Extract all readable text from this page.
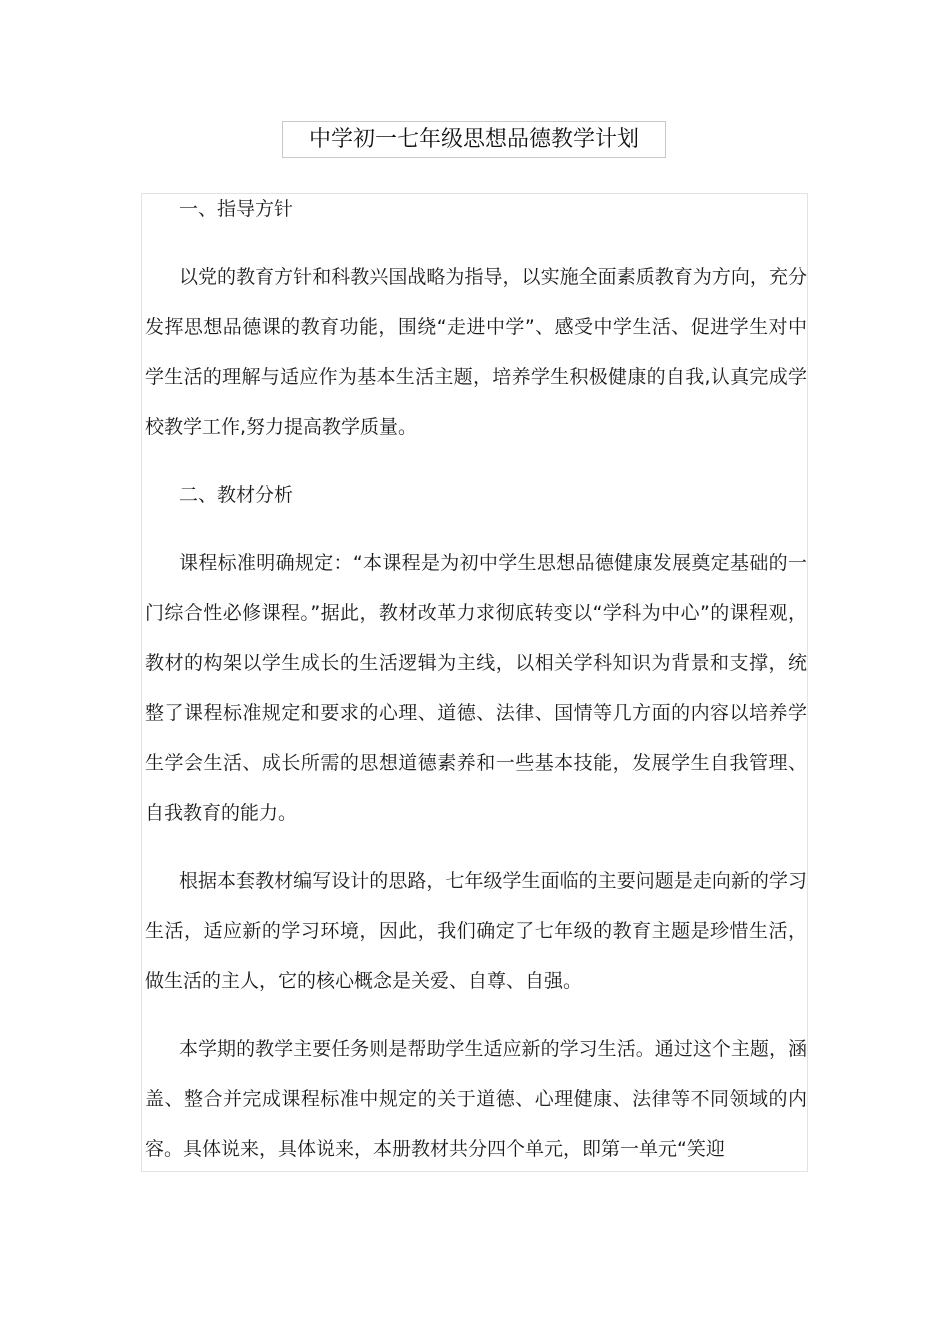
中学初一七年级思想品德教学计划

一、指导方针

以党的教育方针和科教兴国战略为指导，以实施全面素质教育为方向，充分发挥思想品德课的教育功能，围绕“走进中学”、感受中学生活、促进学生对中学生活的理解与适应作为基本生活主题，培养学生积极健康的自我,认真完成学校教学工作,努力提高教学质量。

二、教材分析

课程标准明确规定：“本课程是为初中学生思想品德健康发展奠定基础的一门综合性必修课程。”据此，教材改革力求彻底转变以“学科为中心”的课程观，教材的构架以学生成长的生活逻辑为主线，以相关学科知识为背景和支撑，统整了课程标准规定和要求的心理、道德、法律、国情等几方面的内容以培养学生学会生活、成长所需的思想道德素养和一些基本技能，发展学生自我管理、自我教育的能力。

根据本套教材编写设计的思路，七年级学生面临的主要问题是走向新的学习生活，适应新的学习环境，因此，我们确定了七年级的教育主题是珍惜生活，做生活的主人，它的核心概念是关爱、自尊、自强。

本学期的教学主要任务则是帮助学生适应新的学习生活。通过这个主题，涵盖、整合并完成课程标准中规定的关于道德、心理健康、法律等不同领域的内容。具体说来，具体说来，本册教材共分四个单元，即第一单元“笑迎
